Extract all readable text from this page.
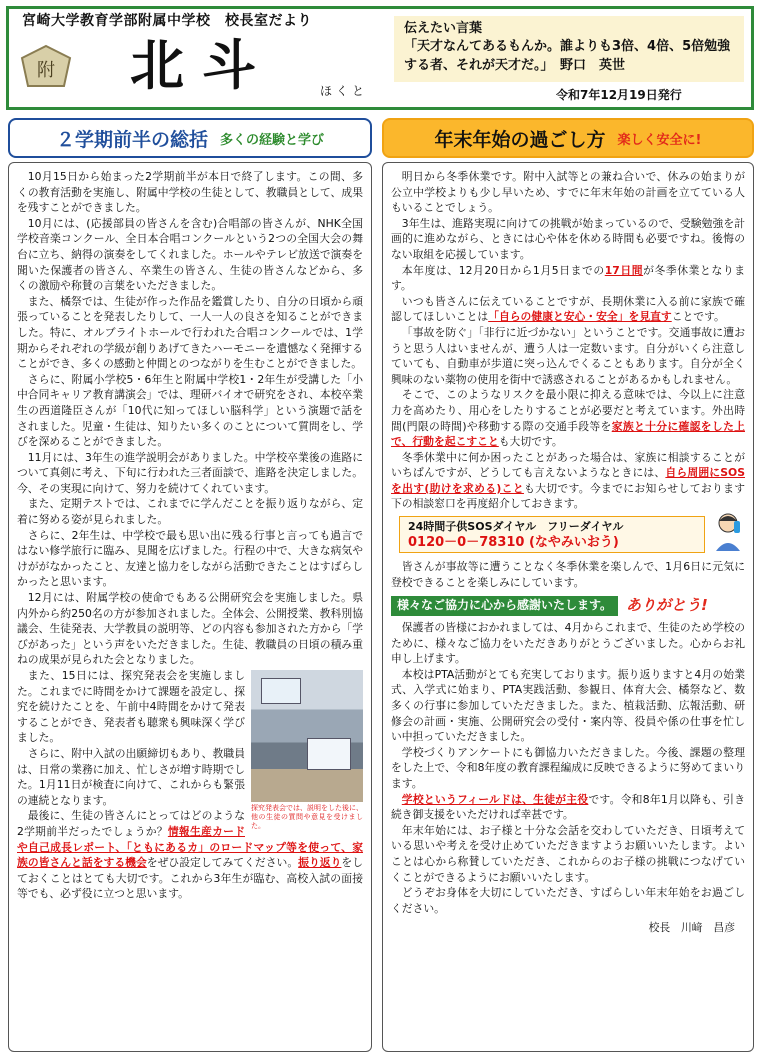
宮崎大学教育学部附属中学校　校長室だより
附 北斗	ほくと
伝えたい言葉
「天才なんてあるもんか。誰よりも3倍、4倍、5倍勉強する者、それが天才だ。」　野口　英世
令和7年12月19日発行
２学期前半の総括 多くの経験と学び	年末年始の過ごし方 楽しく安全に!

10月15日から始まった2学期前半が本日で終了します。この間、多くの教育活動を実施し、附属中学校の生徒として、教職員として、成果を残すことができました。

10月には、(応援部員の皆さんを含む)合唱部の皆さんが、NHK全国学校音楽コンクール、全日本合唱コンクールという2つの全国大会の舞台に立ち、納得の演奏をしてくれました。ホールやテレビ放送で演奏を聞いた保護者の皆さん、卒業生の皆さん、生徒の皆さんなどから、多くの激励や称賛の言葉をいただきました。

また、橘祭では、生徒が作った作品を鑑賞したり、自分の日頃から頑張っていることを発表したりして、一人一人の良さを知ることができました。特に、オルブライトホールで行われた合唱コンクールでは、1学期からそれぞれの学級が創りあげてきたハーモニーを遺憾なく発揮することができ、多くの感動と仲間とのつながりを生むことができました。

さらに、附属小学校5・6年生と附属中学校1・2年生が受講した「小中合同キャリア教育講演会」では、理研バイオで研究をされ、本校卒業生の西道隆臣さんが「10代に知ってほしい脳科学」という演題で話をされました。児童・生徒は、知りたい多くのことについて質問をし、学びを深めることができました。

11月には、3年生の進学説明会がありました。中学校卒業後の進路について真剣に考え、下旬に行われた三者面談で、進路を決定しました。今、その実現に向けて、努力を続けてくれています。

また、定期テストでは、これまでに学んだことを振り返りながら、定着に努める姿が見られました。

さらに、2年生は、中学校で最も思い出に残る行事と言っても過言ではない修学旅行に臨み、見聞を広げました。行程の中で、大きな病気やけががなかったこと、友達と協力をしながら活動できたことはすばらしかったと思います。

12月には、附属学校の使命でもある公開研究会を実施しました。県内外から約250名の方が参加されました。全体会、公開授業、教科別協議会、生徒発表、大学教員の説明等、どの内容も参加された方から「学びがあった」という声をいただきました。生徒、教職員の日頃の積み重ねの成果が見られた会となりました。

探究発表会では、説明をした後に、他の生徒の質問や意見を受けました。

また、15日には、探究発表会を実施しました。これまでに時間をかけて課題を設定し、探究を続けたことを、午前中4時間をかけて発表することができ、発表者も聴衆も興味深く学びました。

さらに、附中入試の出願締切もあり、教職員は、日常の業務に加え、忙しさが増す時期でした。1月11日が検査に向けて、これからも緊張の連続となります。

最後に、生徒の皆さんにとってはどのような2学期前半だったでしょうか？情報生産カードや自己成長レポート、「ともにあるカ」のロードマップ等を使って、家族の皆さんと話をする機会をぜひ設定してみてください。振り返りをしておくことはとても大切です。これから3年生が臨む、高校入試の面接等でも、必ず役に立つと思います。

明日から冬季休業です。附中入試等との兼ね合いで、休みの始まりが公立中学校よりも少し早いため、すでに年末年始の計画を立てている人もいることでしょう。

3年生は、進路実現に向けての挑戦が始まっているので、受験勉強を計画的に進めながら、ときには心や体を休める時間も必要ですね。後悔のない取組を応援しています。

本年度は、12月20日から1月5日までの17日間が冬季休業となります。

いつも皆さんに伝えていることですが、長期休業に入る前に家族で確認してほしいことは「自らの健康と安心・安全」を見直すことです。

「事故を防ぐ」「非行に近づかない」ということです。交通事故に遭おうと思う人はいませんが、遭う人は一定数います。自分がいくら注意していても、自動車が歩道に突っ込んでくることもあります。自分が全く興味のない薬物の使用を街中で誘惑されることがあるかもしれません。

そこで、このようなリスクを最小限に抑える意味では、今以上に注意力を高めたり、用心をしたりすることが必要だと考えています。外出時間(門限の時間)や移動する際の交通手段等を家族と十分に確認をした上で、行動を起こすことも大切です。

冬季休業中に何か困ったことがあった場合は、家族に相談することがいちばんですが、どうしても言えないようなときには、自ら周囲にSOSを出す(助けを求める)ことも大切です。今までにお知らせしております下の相談窓口を再度紹介しておきます。

24時間子供SOSダイヤル　フリーダイヤル
0120－0－78310 (なやみいおう)

皆さんが事故等に遭うことなく冬季休業を楽しんで、1月6日に元気に登校できることを楽しみにしています。

様々なご協力に心から感謝いたします。 ありがとう!

保護者の皆様におかれましては、4月からこれまで、生徒のため学校のために、様々なご協力をいただきありがとうございました。心からお礼申し上げます。

本校はPTA活動がとても充実しております。振り返りますと4月の始業式、入学式に始まり、PTA実践活動、参観日、体育大会、橘祭など、数多くの行事に参加していただきました。また、植栽活動、広報活動、研修会の計画・実施、公開研究会の受付・案内等、役員や係の仕事を忙しい中担っていただきました。

学校づくりアンケートにも御協力いただきました。今後、課題の整理をした上で、令和8年度の教育課程編成に反映できるように努めてまいります。

学校というフィールドは、生徒が主役です。令和8年1月以降も、引き続き御支援をいただければ幸甚です。

年末年始には、お子様と十分な会話を交わしていただき、日頃考えている思いや考えを受け止めていただきますようお願いいたします。よいことは心から称賛していただき、これからのお子様の挑戦につなげていくことができるようにお願いいたします。

どうぞお身体を大切にしていただき、すばらしい年末年始をお過ごしください。

校長　川﨑　昌彦
